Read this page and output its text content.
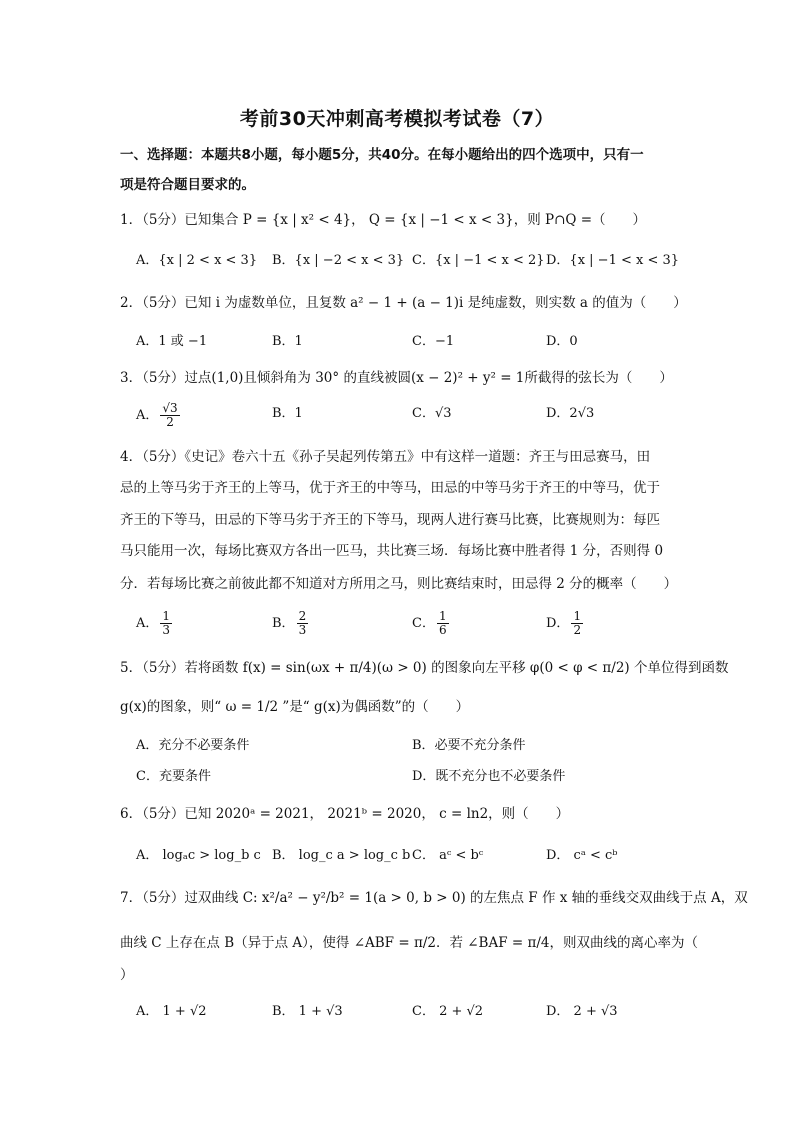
考前30天冲刺高考模拟考试卷（7）
一、选择题：本题共8小题，每小题5分，共40分。在每小题给出的四个选项中，只有一
项是符合题目要求的。
1．（5分）已知集合 P = {x | x² < 4}， Q = {x | −1 < x < 3}，则 P∩Q =（　　）
A．{x | 2 < x < 3} B．{x | −2 < x < 3} C．{x | −1 < x < 2} D．{x | −1 < x < 3}
2．（5分）已知 i 为虚数单位，且复数 a² − 1 + (a − 1)i 是纯虚数，则实数 a 的值为（　　）
A．1 或 −1	B．1	C．−1	D．0
3．（5分）过点(1,0)且倾斜角为 30° 的直线被圆(x − 2)² + y² = 1所截得的弦长为（　　）
A． $\frac{√3}{2}$	B．1	C．√3	D．2√3
4．（5分）《史记》卷六十五《孙子吴起列传第五》中有这样一道题：齐王与田忌赛马，田
忌的上等马劣于齐王的上等马，优于齐王的中等马，田忌的中等马劣于齐王的中等马，优于
齐王的下等马，田忌的下等马劣于齐王的下等马，现两人进行赛马比赛，比赛规则为：每匹
马只能用一次，每场比赛双方各出一匹马，共比赛三场．每场比赛中胜者得 1 分，否则得 0
分．若每场比赛之前彼此都不知道对方所用之马，则比赛结束时，田忌得 2 分的概率（　　）
A． $\frac{1}{3}$	B． $\frac{2}{3}$	C． $\frac{1}{6}$	D． $\frac{1}{2}$
5．（5分）若将函数 f(x) = sin(ωx + π/4)(ω > 0) 的图象向左平移 φ(0 < φ < π/2) 个单位得到函数
g(x)的图象，则“ ω = 1/2 ”是“ g(x)为偶函数”的（　　）
A．充分不必要条件	B．必要不充分条件
C．充要条件	D．既不充分也不必要条件
6．（5分）已知 2020ᵃ = 2021， 2021ᵇ = 2020， c = ln2，则（　　）
A． logₐc > log_b c B． log_c a > log_c b C． aᶜ < bᶜ	D． cᵃ < cᵇ
7．（5分）过双曲线 C: x²/a² − y²/b² = 1(a > 0, b > 0) 的左焦点 F 作 x 轴的垂线交双曲线于点 A，双
曲线 C 上存在点 B（异于点 A），使得 ∠ABF = π/2．若 ∠BAF = π/4，则双曲线的离心率为（
）
A． 1 + √2	B． 1 + √3	C． 2 + √2	D． 2 + √3
